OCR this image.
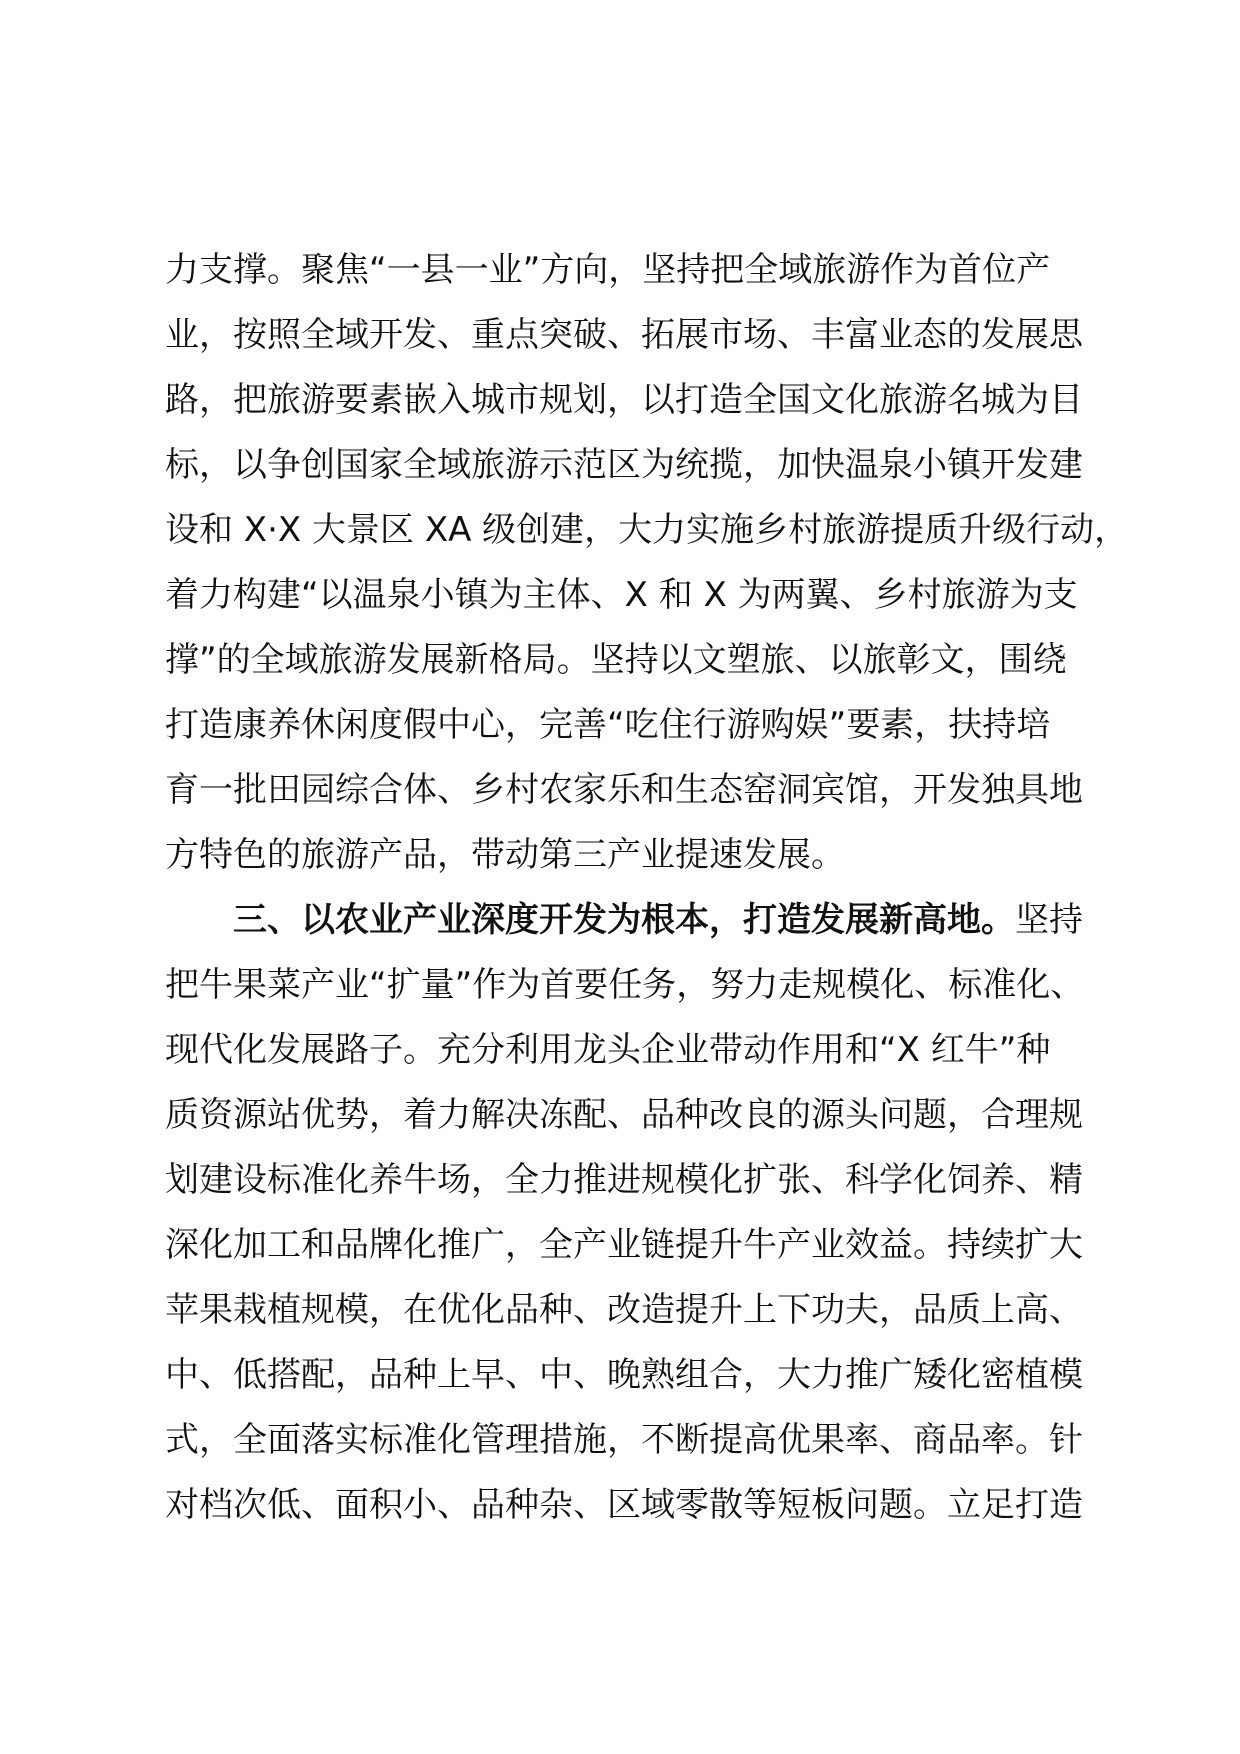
力支撑。聚焦“一县一业”方向，坚持把全域旅游作为首位产
业，按照全域开发、重点突破、拓展市场、丰富业态的发展思
路，把旅游要素嵌入城市规划，以打造全国文化旅游名城为目
标，以争创国家全域旅游示范区为统揽，加快温泉小镇开发建
设和 X·X 大景区 XA 级创建，大力实施乡村旅游提质升级行动，
着力构建“以温泉小镇为主体、X 和 X 为两翼、乡村旅游为支
撑”的全域旅游发展新格局。坚持以文塑旅、以旅彰文，围绕
打造康养休闲度假中心，完善“吃住行游购娱”要素，扶持培
育一批田园综合体、乡村农家乐和生态窑洞宾馆，开发独具地
方特色的旅游产品，带动第三产业提速发展。
三、以农业产业深度开发为根本，打造发展新高地。坚持
把牛果菜产业“扩量”作为首要任务，努力走规模化、标准化、
现代化发展路子。充分利用龙头企业带动作用和“X 红牛”种
质资源站优势，着力解决冻配、品种改良的源头问题，合理规
划建设标准化养牛场，全力推进规模化扩张、科学化饲养、精
深化加工和品牌化推广，全产业链提升牛产业效益。持续扩大
苹果栽植规模，在优化品种、改造提升上下功夫，品质上高、
中、低搭配，品种上早、中、晚熟组合，大力推广矮化密植模
式，全面落实标准化管理措施，不断提高优果率、商品率。针
对档次低、面积小、品种杂、区域零散等短板问题。立足打造
